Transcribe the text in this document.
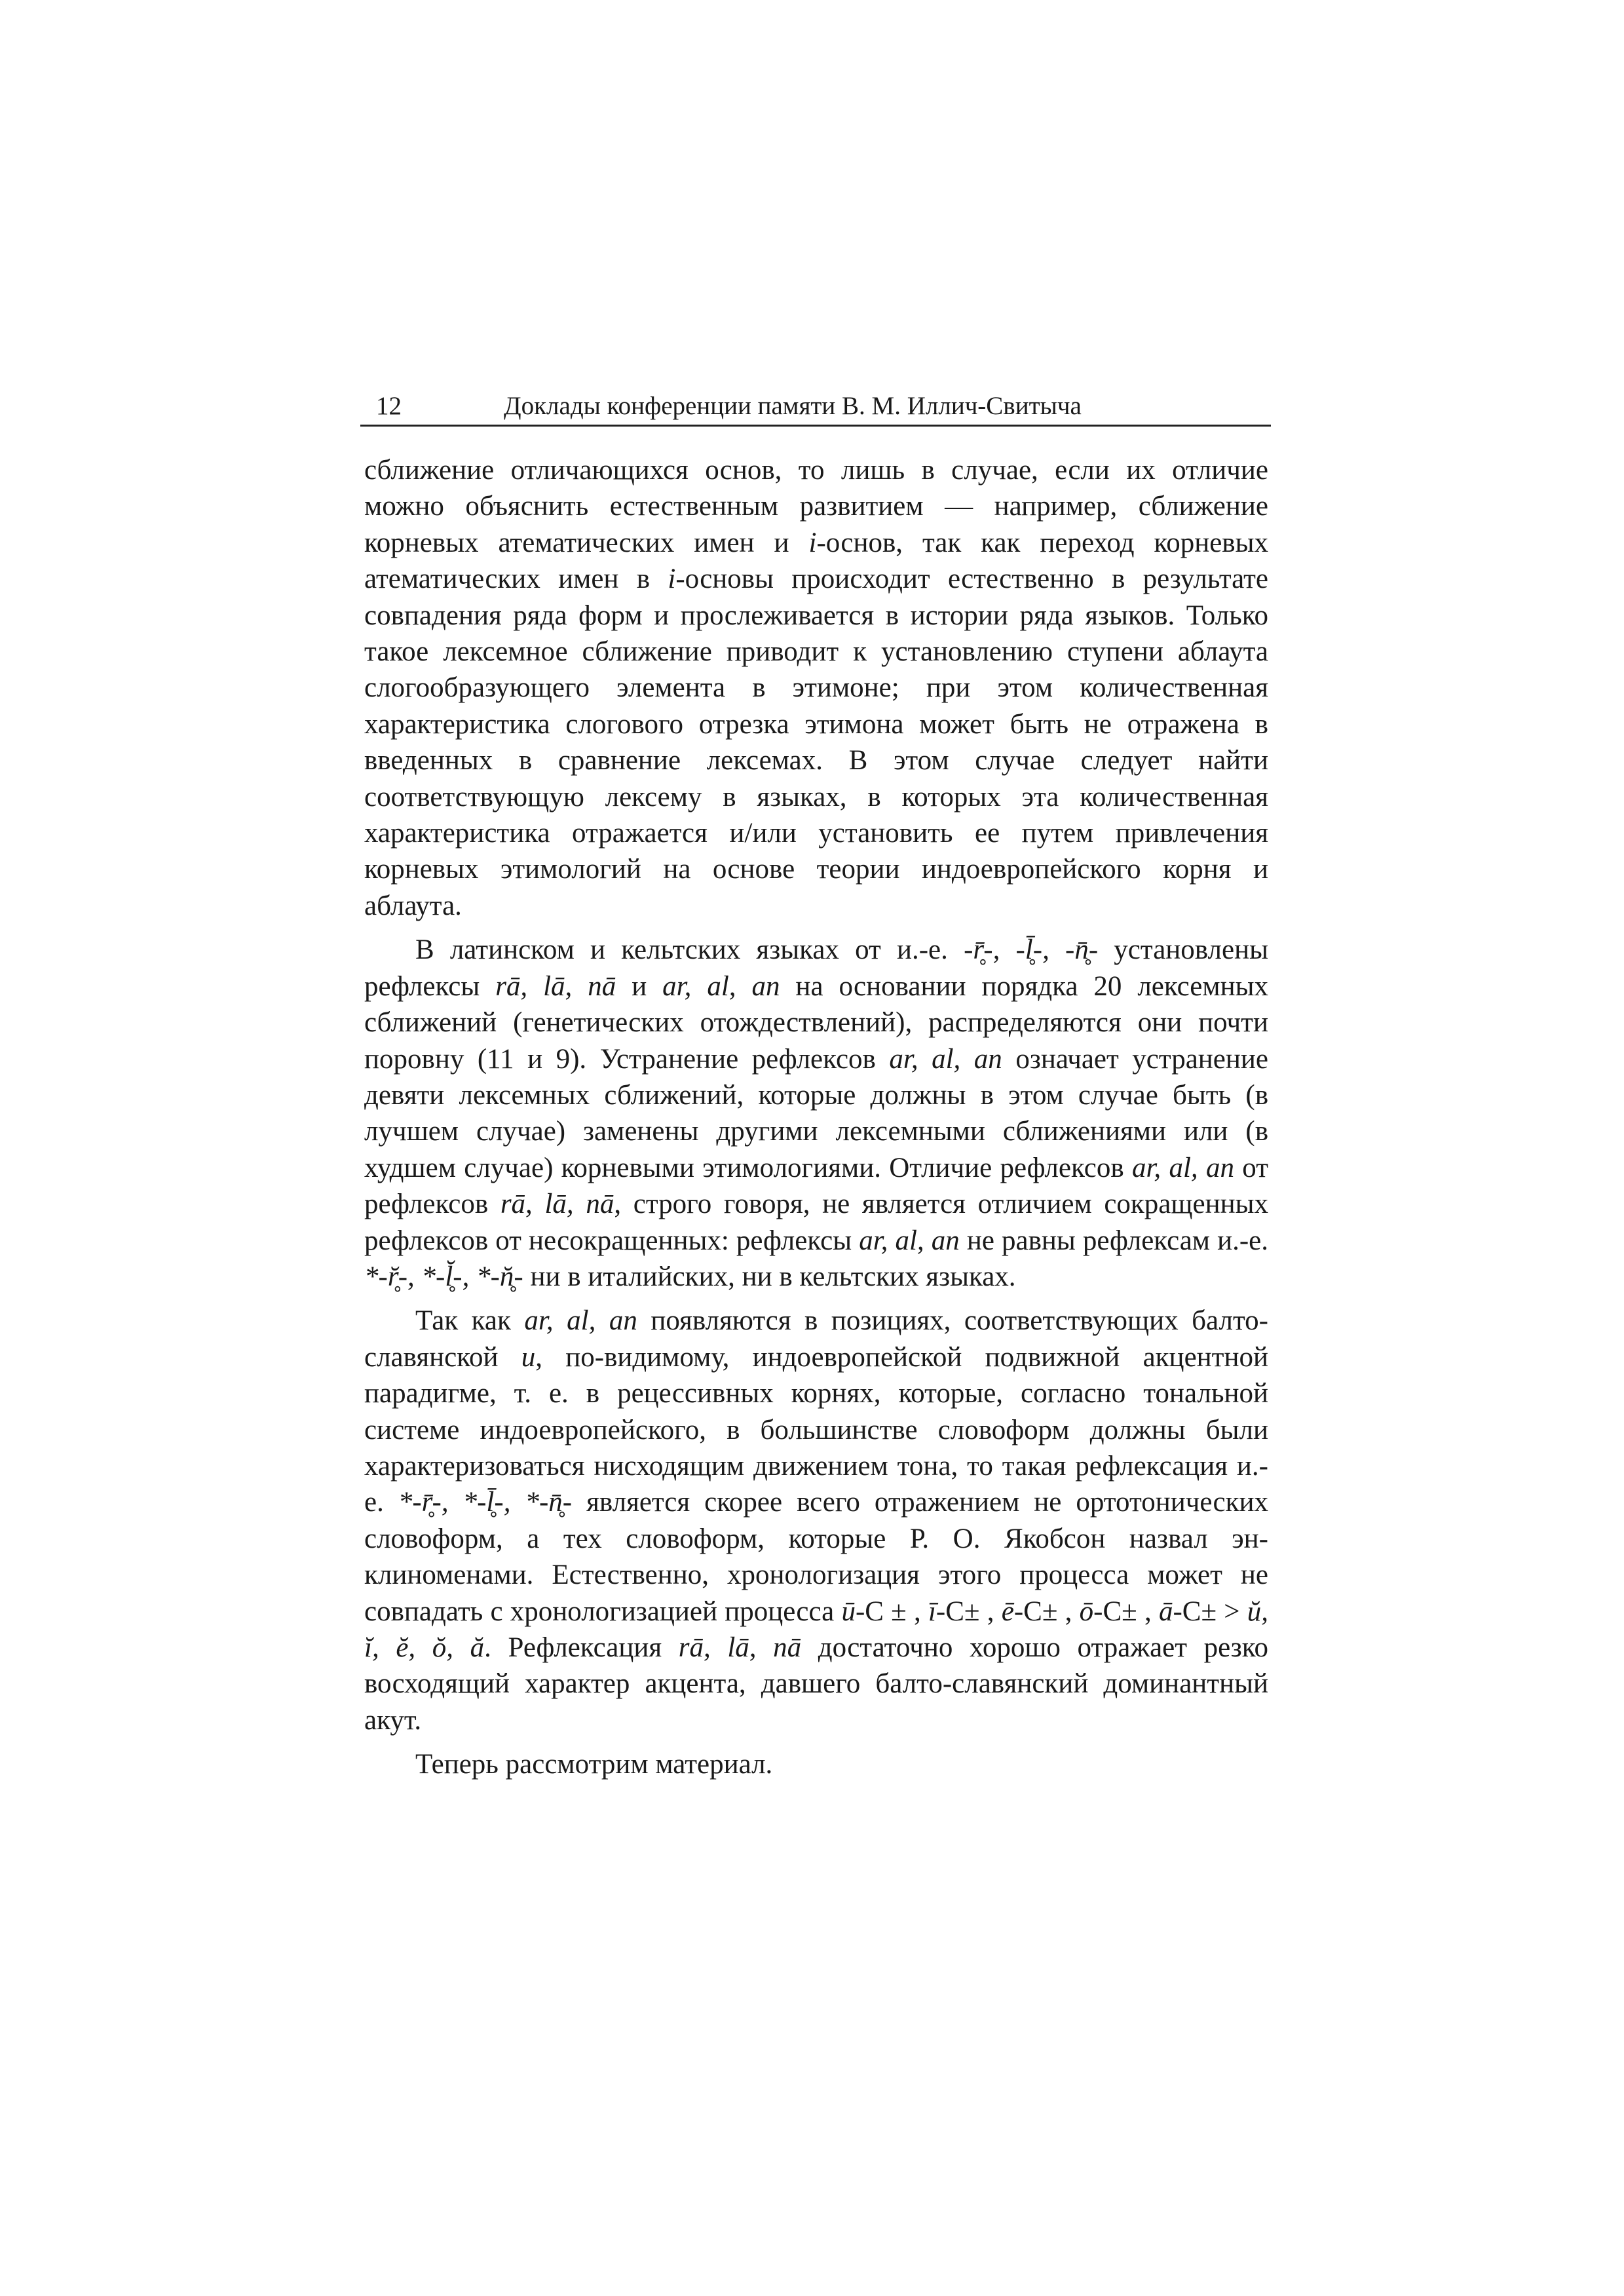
12	Доклады конференции памяти В. М. Иллич-Свитыча

сближение отличающихся основ, то лишь в случае, если их отличие можно объяснить естественным развитием — например, сближение корневых атематических имен и i-основ, так как переход корневых атематических имен в i-основы происходит естественно в результате совпадения ряда форм и прослеживается в истории ряда языков. Только такое лексемное сближение приводит к установлению ступени аблаута слогообразующего элемента в этимоне; при этом количественная характеристика слогового отрезка этимона может быть не отражена в введенных в сравнение лексемах. В этом случае следует найти соответствующую лексему в языках, в которых эта количественная характеристика отражается и/или установить ее путем привлечения корневых этимологий на основе теории индоевропейского корня и аблаута.

В латинском и кельтских языках от и.-е. -r̥̄-, -l̥̄-, -n̥̄- установлены рефлексы rā, lā, nā и ar, al, an на основании порядка 20 лексемных сближений (генетических отождествлений), распределяются они почти поровну (11 и 9). Устранение рефлексов ar, al, an означает устранение девяти лексемных сближений, которые должны в этом случае быть (в лучшем случае) заменены другими лексемными сближениями или (в худшем случае) корневыми этимологиями. Отличие рефлексов ar, al, an от рефлексов rā, lā, nā, строго говоря, не является отличием сокращенных рефлексов от несокращенных: рефлексы ar, al, an не равны рефлексам и.-е. *-r̥̆-, *-l̥̆-, *-n̥̆- ни в италийских, ни в кельтских языках.

Так как ar, al, an появляются в позициях, соответствующих балтославянской и, по-видимому, индоевропейской подвижной акцентной парадигме, т. е. в рецессивных корнях, которые, согласно тональной системе индоевропейского, в большинстве словоформ должны были характеризоваться нисходящим движением тона, то такая рефлексация и.-е. *-r̥̄-, *-l̥̄-, *-n̥̄- является скорее всего отражением не ортотонических словоформ, а тех словоформ, которые Р. О. Якобсон назвал энклиноменами. Естественно, хронологизация этого процесса может не совпадать с хронологизацией процесса ū-C ± , ī-C± , ē-C± , ō-C± , ā-C± > ŭ, ĭ, ĕ, ŏ, ă. Рефлексация rā, lā, nā достаточно хорошо отражает резко восходящий характер акцента, давшего балто-славянский доминантный акут.

Теперь рассмотрим материал.
